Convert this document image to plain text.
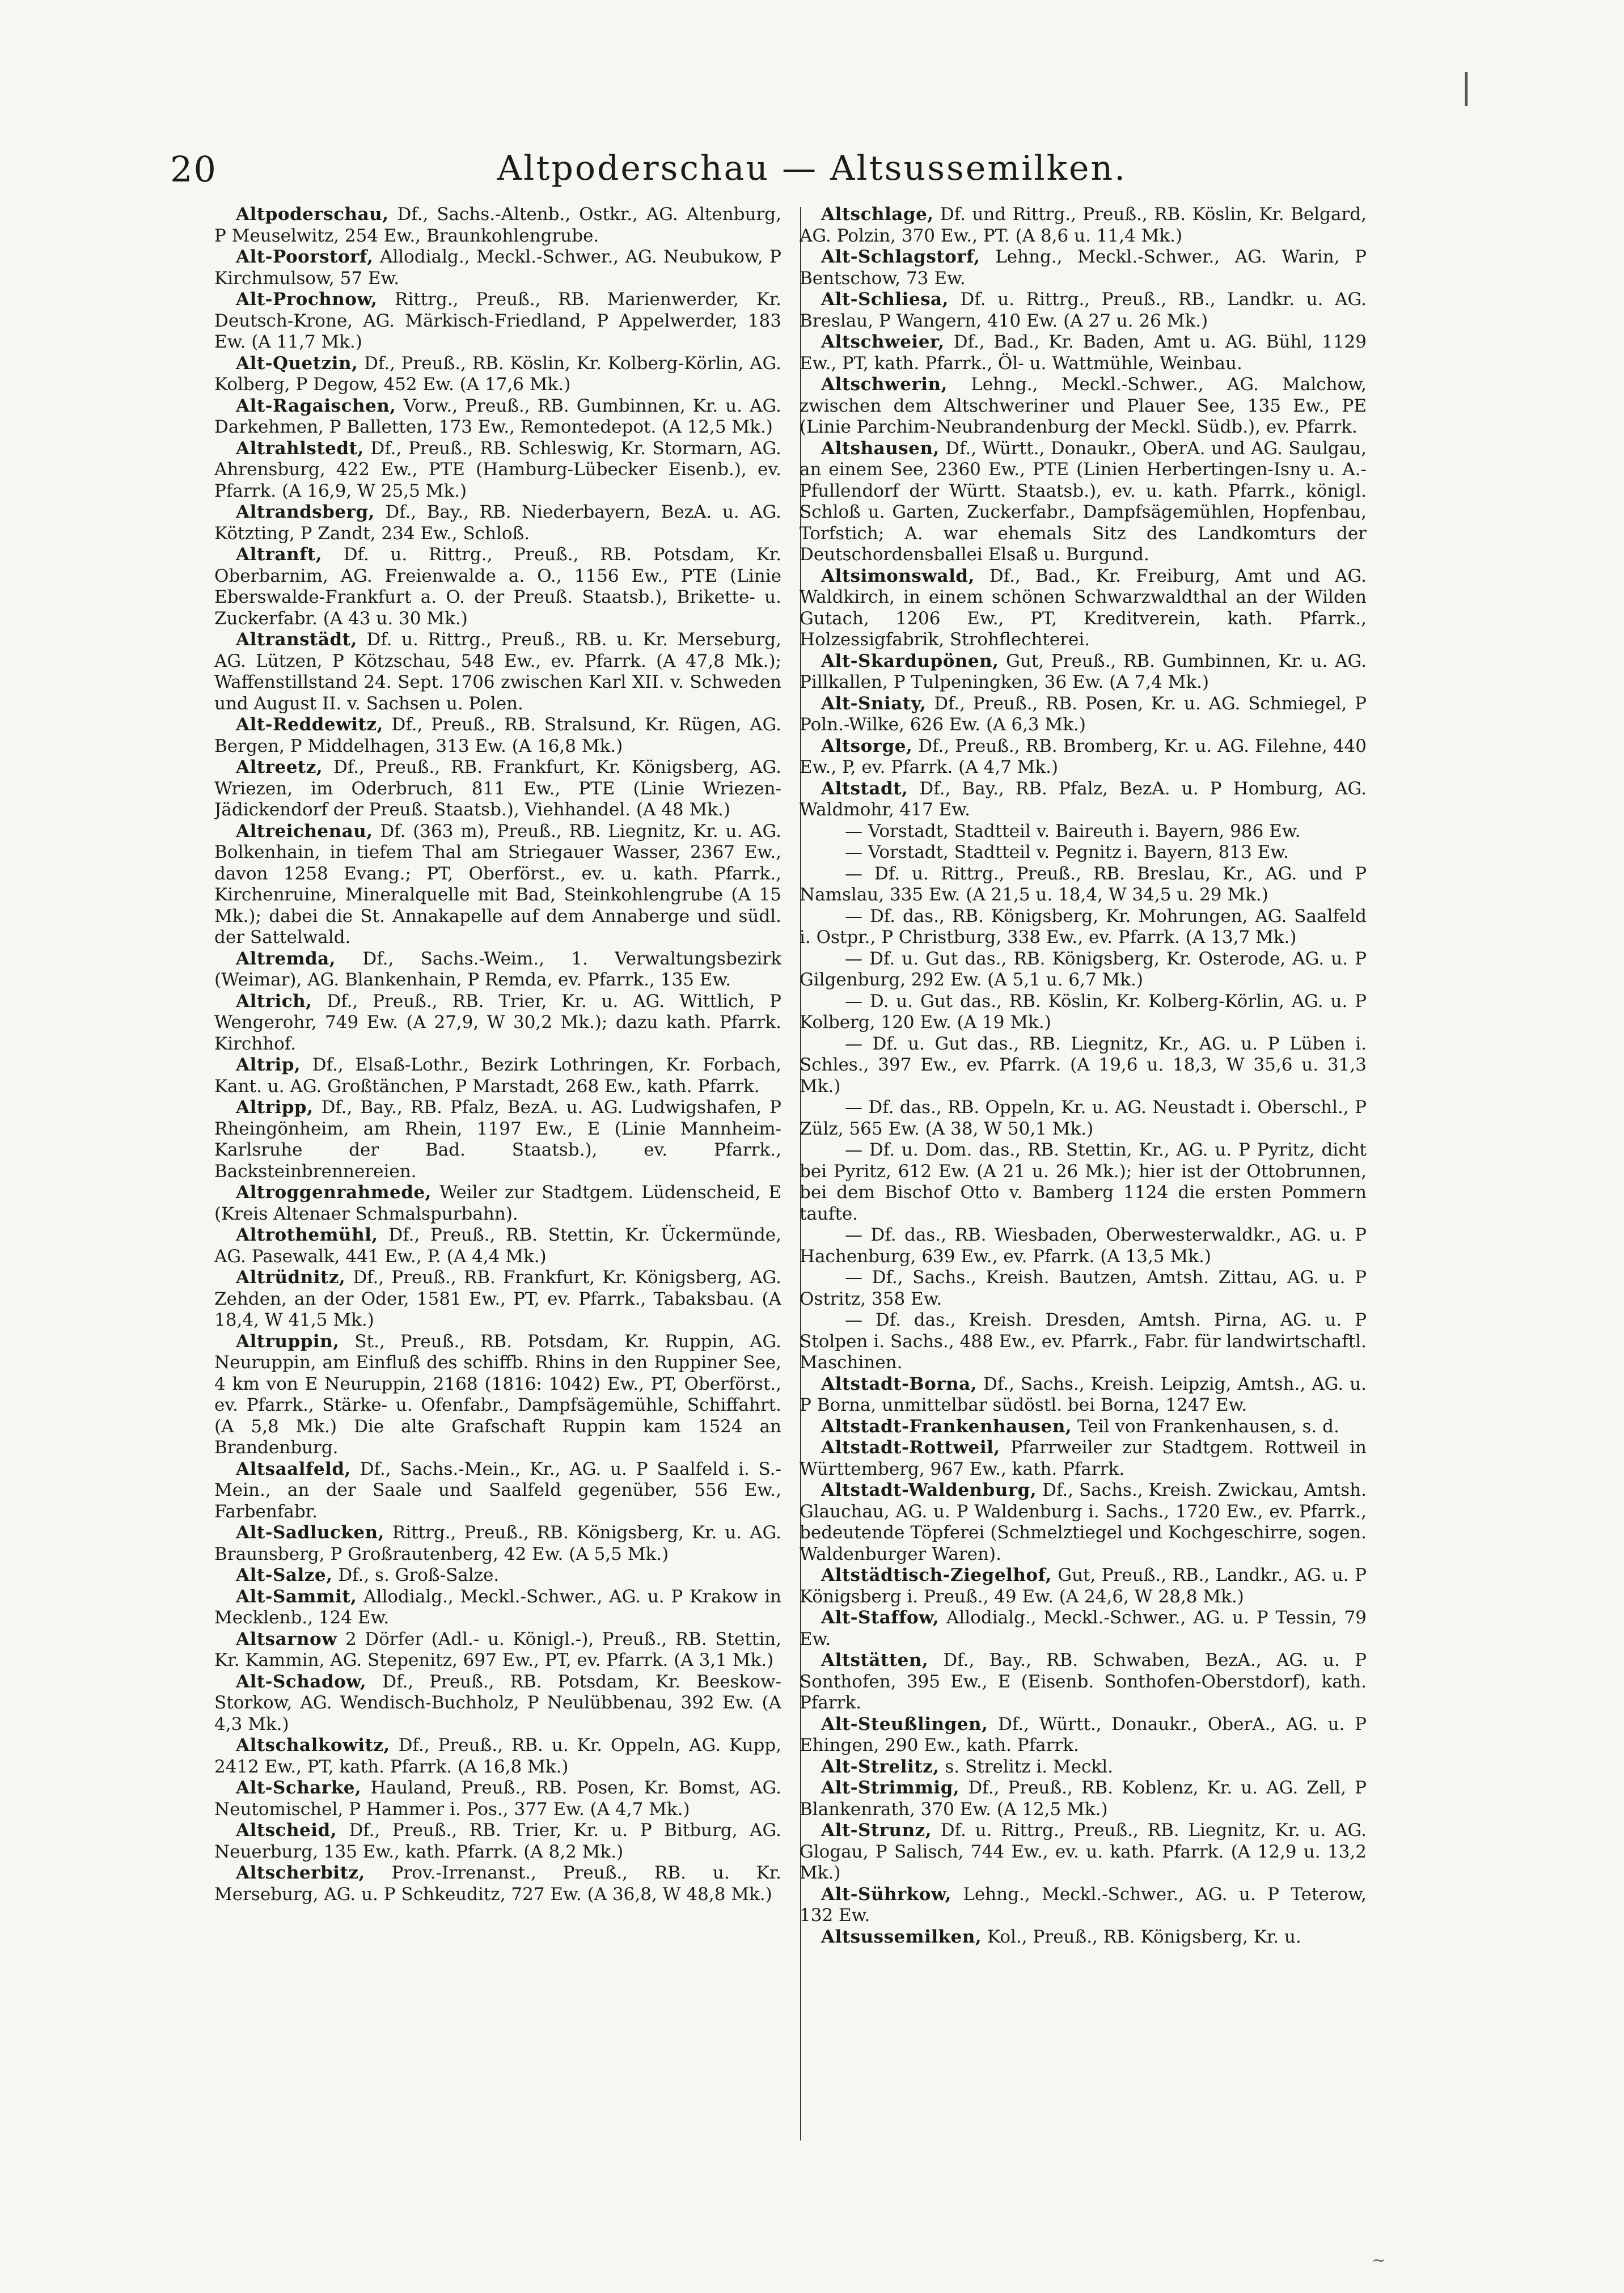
20	Altpoderschau — Altsussemilken.
|

Altpoderschau, Df., Sachs.-Altenb., Ostkr., AG. Altenburg, P Meuselwitz, 254 Ew., Braunkohlengrube.

Alt-Poorstorf, Allodialg., Meckl.-Schwer., AG. Neubukow, P Kirchmulsow, 57 Ew.

Alt-Prochnow, Rittrg., Preuß., RB. Marienwerder, Kr. Deutsch-Krone, AG. Märkisch-Friedland, P Appelwerder, 183 Ew. (A 11,7 Mk.)

Alt-Quetzin, Df., Preuß., RB. Köslin, Kr. Kolberg-Körlin, AG. Kolberg, P Degow, 452 Ew. (A 17,6 Mk.)

Alt-Ragaischen, Vorw., Preuß., RB. Gumbinnen, Kr. u. AG. Darkehmen, P Balletten, 173 Ew., Remontedepot. (A 12,5 Mk.)

Altrahlstedt, Df., Preuß., RB. Schleswig, Kr. Stormarn, AG. Ahrensburg, 422 Ew., PTE (Hamburg-Lübecker Eisenb.), ev. Pfarrk. (A 16,9, W 25,5 Mk.)

Altrandsberg, Df., Bay., RB. Niederbayern, BezA. u. AG. Kötzting, P Zandt, 234 Ew., Schloß.

Altranft, Df. u. Rittrg., Preuß., RB. Potsdam, Kr. Oberbarnim, AG. Freienwalde a. O., 1156 Ew., PTE (Linie Eberswalde-Frankfurt a. O. der Preuß. Staatsb.), Brikette- u. Zuckerfabr. (A 43 u. 30 Mk.)

Altranstädt, Df. u. Rittrg., Preuß., RB. u. Kr. Merseburg, AG. Lützen, P Kötzschau, 548 Ew., ev. Pfarrk. (A 47,8 Mk.); Waffenstillstand 24. Sept. 1706 zwischen Karl XII. v. Schweden und August II. v. Sachsen u. Polen.

Alt-Reddewitz, Df., Preuß., RB. Stralsund, Kr. Rügen, AG. Bergen, P Middelhagen, 313 Ew. (A 16,8 Mk.)

Altreetz, Df., Preuß., RB. Frankfurt, Kr. Königsberg, AG. Wriezen, im Oderbruch, 811 Ew., PTE (Linie Wriezen-Jädickendorf der Preuß. Staatsb.), Viehhandel. (A 48 Mk.)

Altreichenau, Df. (363 m), Preuß., RB. Liegnitz, Kr. u. AG. Bolkenhain, in tiefem Thal am Striegauer Wasser, 2367 Ew., davon 1258 Evang.; PT, Oberförst., ev. u. kath. Pfarrk., Kirchenruine, Mineralquelle mit Bad, Steinkohlengrube (A 15 Mk.); dabei die St. Annakapelle auf dem Annaberge und südl. der Sattelwald.

Altremda, Df., Sachs.-Weim., 1. Verwaltungsbezirk (Weimar), AG. Blankenhain, P Remda, ev. Pfarrk., 135 Ew.

Altrich, Df., Preuß., RB. Trier, Kr. u. AG. Wittlich, P Wengerohr, 749 Ew. (A 27,9, W 30,2 Mk.); dazu kath. Pfarrk. Kirchhof.

Altrip, Df., Elsaß-Lothr., Bezirk Lothringen, Kr. Forbach, Kant. u. AG. Großtänchen, P Marstadt, 268 Ew., kath. Pfarrk.

Altripp, Df., Bay., RB. Pfalz, BezA. u. AG. Ludwigshafen, P Rheingönheim, am Rhein, 1197 Ew., E (Linie Mannheim-Karlsruhe der Bad. Staatsb.), ev. Pfarrk., Backsteinbrennereien.

Altroggenrahmede, Weiler zur Stadtgem. Lüdenscheid, E (Kreis Altenaer Schmalspurbahn).

Altrothemühl, Df., Preuß., RB. Stettin, Kr. Ückermünde, AG. Pasewalk, 441 Ew., P. (A 4,4 Mk.)

Altrüdnitz, Df., Preuß., RB. Frankfurt, Kr. Königsberg, AG. Zehden, an der Oder, 1581 Ew., PT, ev. Pfarrk., Tabaksbau. (A 18,4, W 41,5 Mk.)

Altruppin, St., Preuß., RB. Potsdam, Kr. Ruppin, AG. Neuruppin, am Einfluß des schiffb. Rhins in den Ruppiner See, 4 km von E Neuruppin, 2168 (1816: 1042) Ew., PT, Oberförst., ev. Pfarrk., Stärke- u. Ofenfabr., Dampfsägemühle, Schiffahrt. (A 5,8 Mk.) Die alte Grafschaft Ruppin kam 1524 an Brandenburg.

Altsaalfeld, Df., Sachs.-Mein., Kr., AG. u. P Saalfeld i. S.-Mein., an der Saale und Saalfeld gegenüber, 556 Ew., Farbenfabr.

Alt-Sadlucken, Rittrg., Preuß., RB. Königsberg, Kr. u. AG. Braunsberg, P Großrautenberg, 42 Ew. (A 5,5 Mk.)

Alt-Salze, Df., s. Groß-Salze.

Alt-Sammit, Allodialg., Meckl.-Schwer., AG. u. P Krakow in Mecklenb., 124 Ew.

Altsarnow 2 Dörfer (Adl.- u. Königl.-), Preuß., RB. Stettin, Kr. Kammin, AG. Stepenitz, 697 Ew., PT, ev. Pfarrk. (A 3,1 Mk.)

Alt-Schadow, Df., Preuß., RB. Potsdam, Kr. Beeskow-Storkow, AG. Wendisch-Buchholz, P Neulübbenau, 392 Ew. (A 4,3 Mk.)

Altschalkowitz, Df., Preuß., RB. u. Kr. Oppeln, AG. Kupp, 2412 Ew., PT, kath. Pfarrk. (A 16,8 Mk.)

Alt-Scharke, Hauland, Preuß., RB. Posen, Kr. Bomst, AG. Neutomischel, P Hammer i. Pos., 377 Ew. (A 4,7 Mk.)

Altscheid, Df., Preuß., RB. Trier, Kr. u. P Bitburg, AG. Neuerburg, 135 Ew., kath. Pfarrk. (A 8,2 Mk.)

Altscherbitz, Prov.-Irrenanst., Preuß., RB. u. Kr. Merseburg, AG. u. P Schkeuditz, 727 Ew. (A 36,8, W 48,8 Mk.)

Altschlage, Df. und Rittrg., Preuß., RB. Köslin, Kr. Belgard, AG. Polzin, 370 Ew., PT. (A 8,6 u. 11,4 Mk.)

Alt-Schlagstorf, Lehng., Meckl.-Schwer., AG. Warin, P Bentschow, 73 Ew.

Alt-Schliesa, Df. u. Rittrg., Preuß., RB., Landkr. u. AG. Breslau, P Wangern, 410 Ew. (A 27 u. 26 Mk.)

Altschweier, Df., Bad., Kr. Baden, Amt u. AG. Bühl, 1129 Ew., PT, kath. Pfarrk., Öl- u. Wattmühle, Weinbau.

Altschwerin, Lehng., Meckl.-Schwer., AG. Malchow, zwischen dem Altschweriner und Plauer See, 135 Ew., PE (Linie Parchim-Neubrandenburg der Meckl. Südb.), ev. Pfarrk.

Altshausen, Df., Württ., Donaukr., OberA. und AG. Saulgau, an einem See, 2360 Ew., PTE (Linien Herbertingen-Isny u. A.-Pfullendorf der Württ. Staatsb.), ev. u. kath. Pfarrk., königl. Schloß u. Garten, Zuckerfabr., Dampfsägemühlen, Hopfenbau, Torfstich; A. war ehemals Sitz des Landkomturs der Deutschordensballei Elsaß u. Burgund.

Altsimonswald, Df., Bad., Kr. Freiburg, Amt und AG. Waldkirch, in einem schönen Schwarzwaldthal an der Wilden Gutach, 1206 Ew., PT, Kreditverein, kath. Pfarrk., Holzessigfabrik, Strohflechterei.

Alt-Skardupönen, Gut, Preuß., RB. Gumbinnen, Kr. u. AG. Pillkallen, P Tulpeningken, 36 Ew. (A 7,4 Mk.)

Alt-Sniaty, Df., Preuß., RB. Posen, Kr. u. AG. Schmiegel, P Poln.-Wilke, 626 Ew. (A 6,3 Mk.)

Altsorge, Df., Preuß., RB. Bromberg, Kr. u. AG. Filehne, 440 Ew., P, ev. Pfarrk. (A 4,7 Mk.)

Altstadt, Df., Bay., RB. Pfalz, BezA. u. P Homburg, AG. Waldmohr, 417 Ew.

— Vorstadt, Stadtteil v. Baireuth i. Bayern, 986 Ew.

— Vorstadt, Stadtteil v. Pegnitz i. Bayern, 813 Ew.

— Df. u. Rittrg., Preuß., RB. Breslau, Kr., AG. und P Namslau, 335 Ew. (A 21,5 u. 18,4, W 34,5 u. 29 Mk.)

— Df. das., RB. Königsberg, Kr. Mohrungen, AG. Saalfeld i. Ostpr., P Christburg, 338 Ew., ev. Pfarrk. (A 13,7 Mk.)

— Df. u. Gut das., RB. Königsberg, Kr. Osterode, AG. u. P Gilgenburg, 292 Ew. (A 5,1 u. 6,7 Mk.)

— D. u. Gut das., RB. Köslin, Kr. Kolberg-Körlin, AG. u. P Kolberg, 120 Ew. (A 19 Mk.)

— Df. u. Gut das., RB. Liegnitz, Kr., AG. u. P Lüben i. Schles., 397 Ew., ev. Pfarrk. (A 19,6 u. 18,3, W 35,6 u. 31,3 Mk.)

— Df. das., RB. Oppeln, Kr. u. AG. Neustadt i. Oberschl., P Zülz, 565 Ew. (A 38, W 50,1 Mk.)

— Df. u. Dom. das., RB. Stettin, Kr., AG. u. P Pyritz, dicht bei Pyritz, 612 Ew. (A 21 u. 26 Mk.); hier ist der Ottobrunnen, bei dem Bischof Otto v. Bamberg 1124 die ersten Pommern taufte.

— Df. das., RB. Wiesbaden, Oberwesterwaldkr., AG. u. P Hachenburg, 639 Ew., ev. Pfarrk. (A 13,5 Mk.)

— Df., Sachs., Kreish. Bautzen, Amtsh. Zittau, AG. u. P Ostritz, 358 Ew.

— Df. das., Kreish. Dresden, Amtsh. Pirna, AG. u. P Stolpen i. Sachs., 488 Ew., ev. Pfarrk., Fabr. für landwirtschaftl. Maschinen.

Altstadt-Borna, Df., Sachs., Kreish. Leipzig, Amtsh., AG. u. P Borna, unmittelbar südöstl. bei Borna, 1247 Ew.

Altstadt-Frankenhausen, Teil von Frankenhausen, s. d.

Altstadt-Rottweil, Pfarrweiler zur Stadtgem. Rottweil in Württemberg, 967 Ew., kath. Pfarrk.

Altstadt-Waldenburg, Df., Sachs., Kreish. Zwickau, Amtsh. Glauchau, AG. u. P Waldenburg i. Sachs., 1720 Ew., ev. Pfarrk., bedeutende Töpferei (Schmelztiegel und Kochgeschirre, sogen. Waldenburger Waren).

Altstädtisch-Ziegelhof, Gut, Preuß., RB., Landkr., AG. u. P Königsberg i. Preuß., 49 Ew. (A 24,6, W 28,8 Mk.)

Alt-Staffow, Allodialg., Meckl.-Schwer., AG. u. P Tessin, 79 Ew.

Altstätten, Df., Bay., RB. Schwaben, BezA., AG. u. P Sonthofen, 395 Ew., E (Eisenb. Sonthofen-Oberstdorf), kath. Pfarrk.

Alt-Steußlingen, Df., Württ., Donaukr., OberA., AG. u. P Ehingen, 290 Ew., kath. Pfarrk.

Alt-Strelitz, s. Strelitz i. Meckl.

Alt-Strimmig, Df., Preuß., RB. Koblenz, Kr. u. AG. Zell, P Blankenrath, 370 Ew. (A 12,5 Mk.)

Alt-Strunz, Df. u. Rittrg., Preuß., RB. Liegnitz, Kr. u. AG. Glogau, P Salisch, 744 Ew., ev. u. kath. Pfarrk. (A 12,9 u. 13,2 Mk.)

Alt-Sührkow, Lehng., Meckl.-Schwer., AG. u. P Teterow, 132 Ew.

Altsussemilken, Kol., Preuß., RB. Königsberg, Kr. u.

~
